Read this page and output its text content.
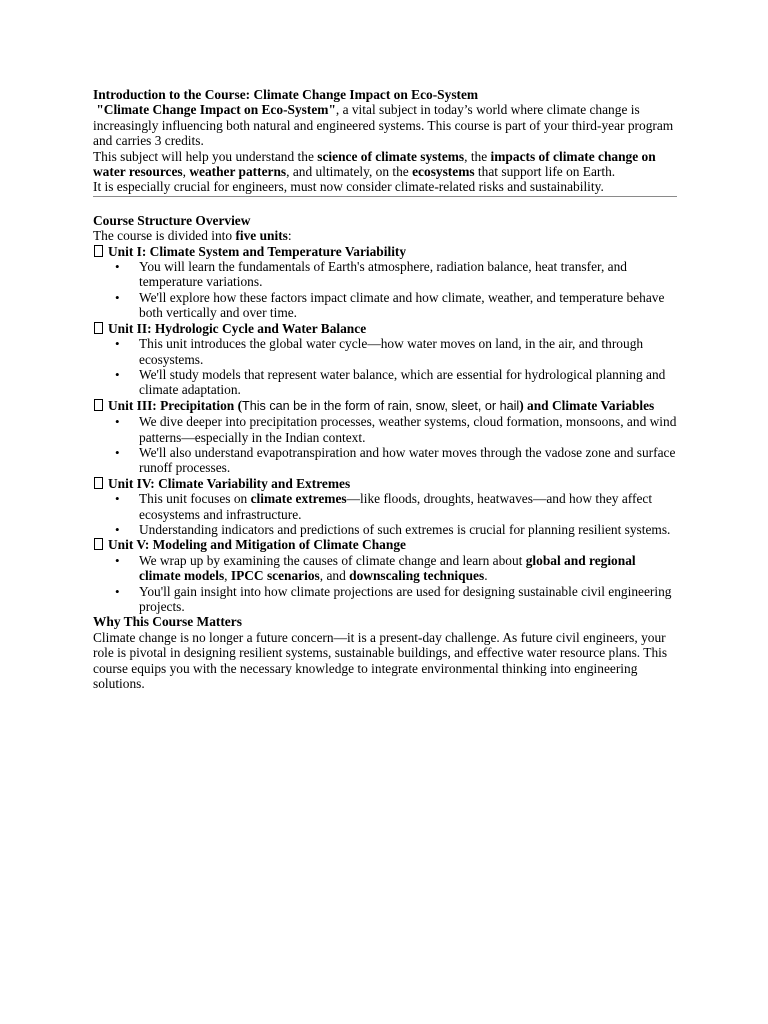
Introduction to the Course: Climate Change Impact on Eco-System

"Climate Change Impact on Eco-System", a vital subject in today’s world where climate change is increasingly influencing both natural and engineered systems. This course is part of your third-year program and carries 3 credits.

This subject will help you understand the science of climate systems, the impacts of climate change on water resources, weather patterns, and ultimately, on the ecosystems that support life on Earth.

It is especially crucial for engineers, must now consider climate-related risks and sustainability.

Course Structure Overview

The course is divided into five units:

Unit I: Climate System and Temperature Variability

• You will learn the fundamentals of Earth's atmosphere, radiation balance, heat transfer, and temperature variations.
• We'll explore how these factors impact climate and how climate, weather, and temperature behave both vertically and over time.

Unit II: Hydrologic Cycle and Water Balance

• This unit introduces the global water cycle—how water moves on land, in the air, and through ecosystems.
• We'll study models that represent water balance, which are essential for hydrological planning and climate adaptation.

Unit III: Precipitation (This can be in the form of rain, snow, sleet, or hail) and Climate Variables

• We dive deeper into precipitation processes, weather systems, cloud formation, monsoons, and wind patterns—especially in the Indian context.
• We'll also understand evapotranspiration and how water moves through the vadose zone and surface runoff processes.

Unit IV: Climate Variability and Extremes

• This unit focuses on climate extremes—like floods, droughts, heatwaves—and how they affect ecosystems and infrastructure.
• Understanding indicators and predictions of such extremes is crucial for planning resilient systems.

Unit V: Modeling and Mitigation of Climate Change

• We wrap up by examining the causes of climate change and learn about global and regional climate models, IPCC scenarios, and downscaling techniques.
• You'll gain insight into how climate projections are used for designing sustainable civil engineering projects.

Why This Course Matters

Climate change is no longer a future concern—it is a present-day challenge. As future civil engineers, your role is pivotal in designing resilient systems, sustainable buildings, and effective water resource plans. This course equips you with the necessary knowledge to integrate environmental thinking into engineering solutions.
